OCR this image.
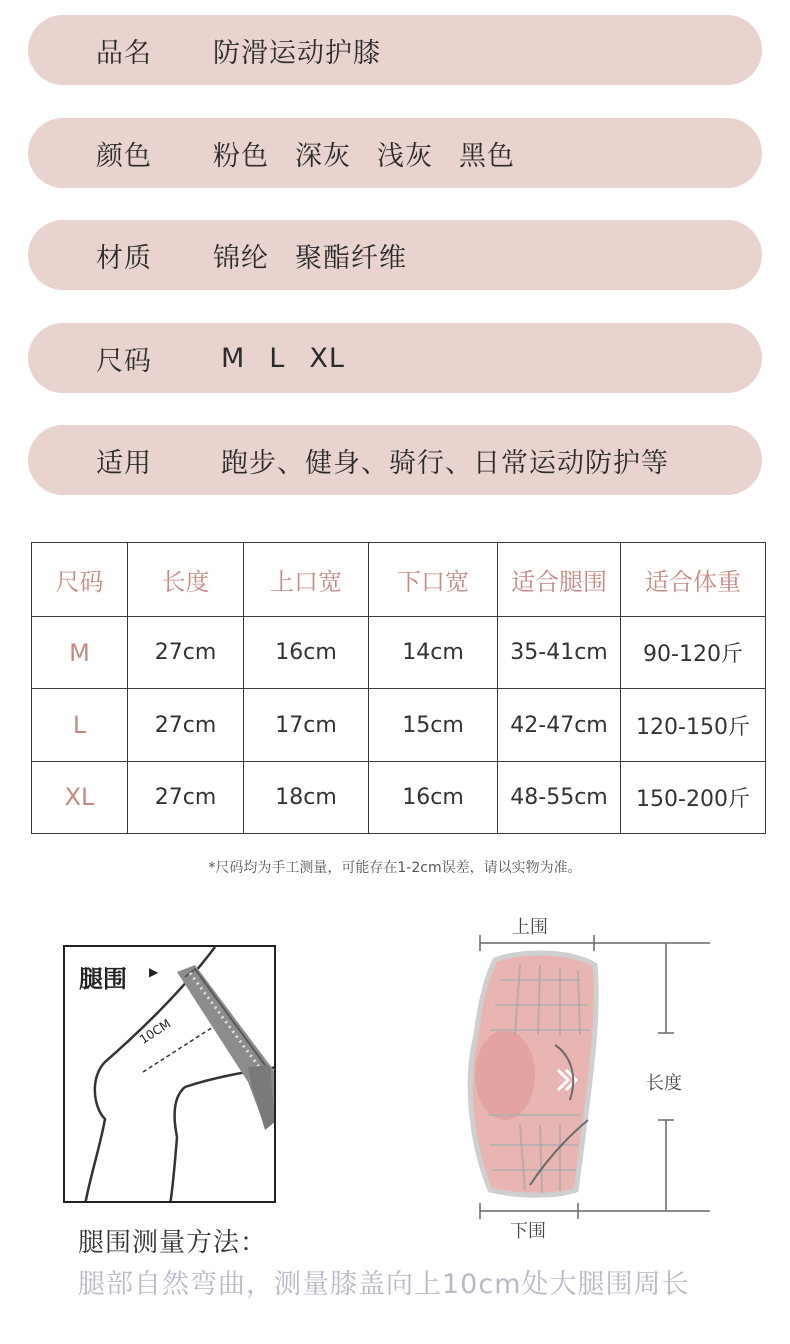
品名 防滑运动护膝
颜色 粉色 深灰 浅灰 黑色
材质 锦纶 聚酯纤维
尺码	M L XL
适用	跑步、健身、骑行、日常运动防护等
尺码	长度	上口宽	下口宽	适合腿围	适合体重
M	27cm	16cm	14cm	35-41cm	90-120斤
L	27cm	17cm	15cm	42-47cm	120-150斤
XL	27cm	18cm	16cm	48-55cm	150-200斤
*尺码均为手工测量，可能存在1-2cm误差，请以实物为准。
腿围 ▶
10CM
腿围测量方法：
腿部自然弯曲，测量膝盖向上10cm处大腿围周长
上围
长度
下围
